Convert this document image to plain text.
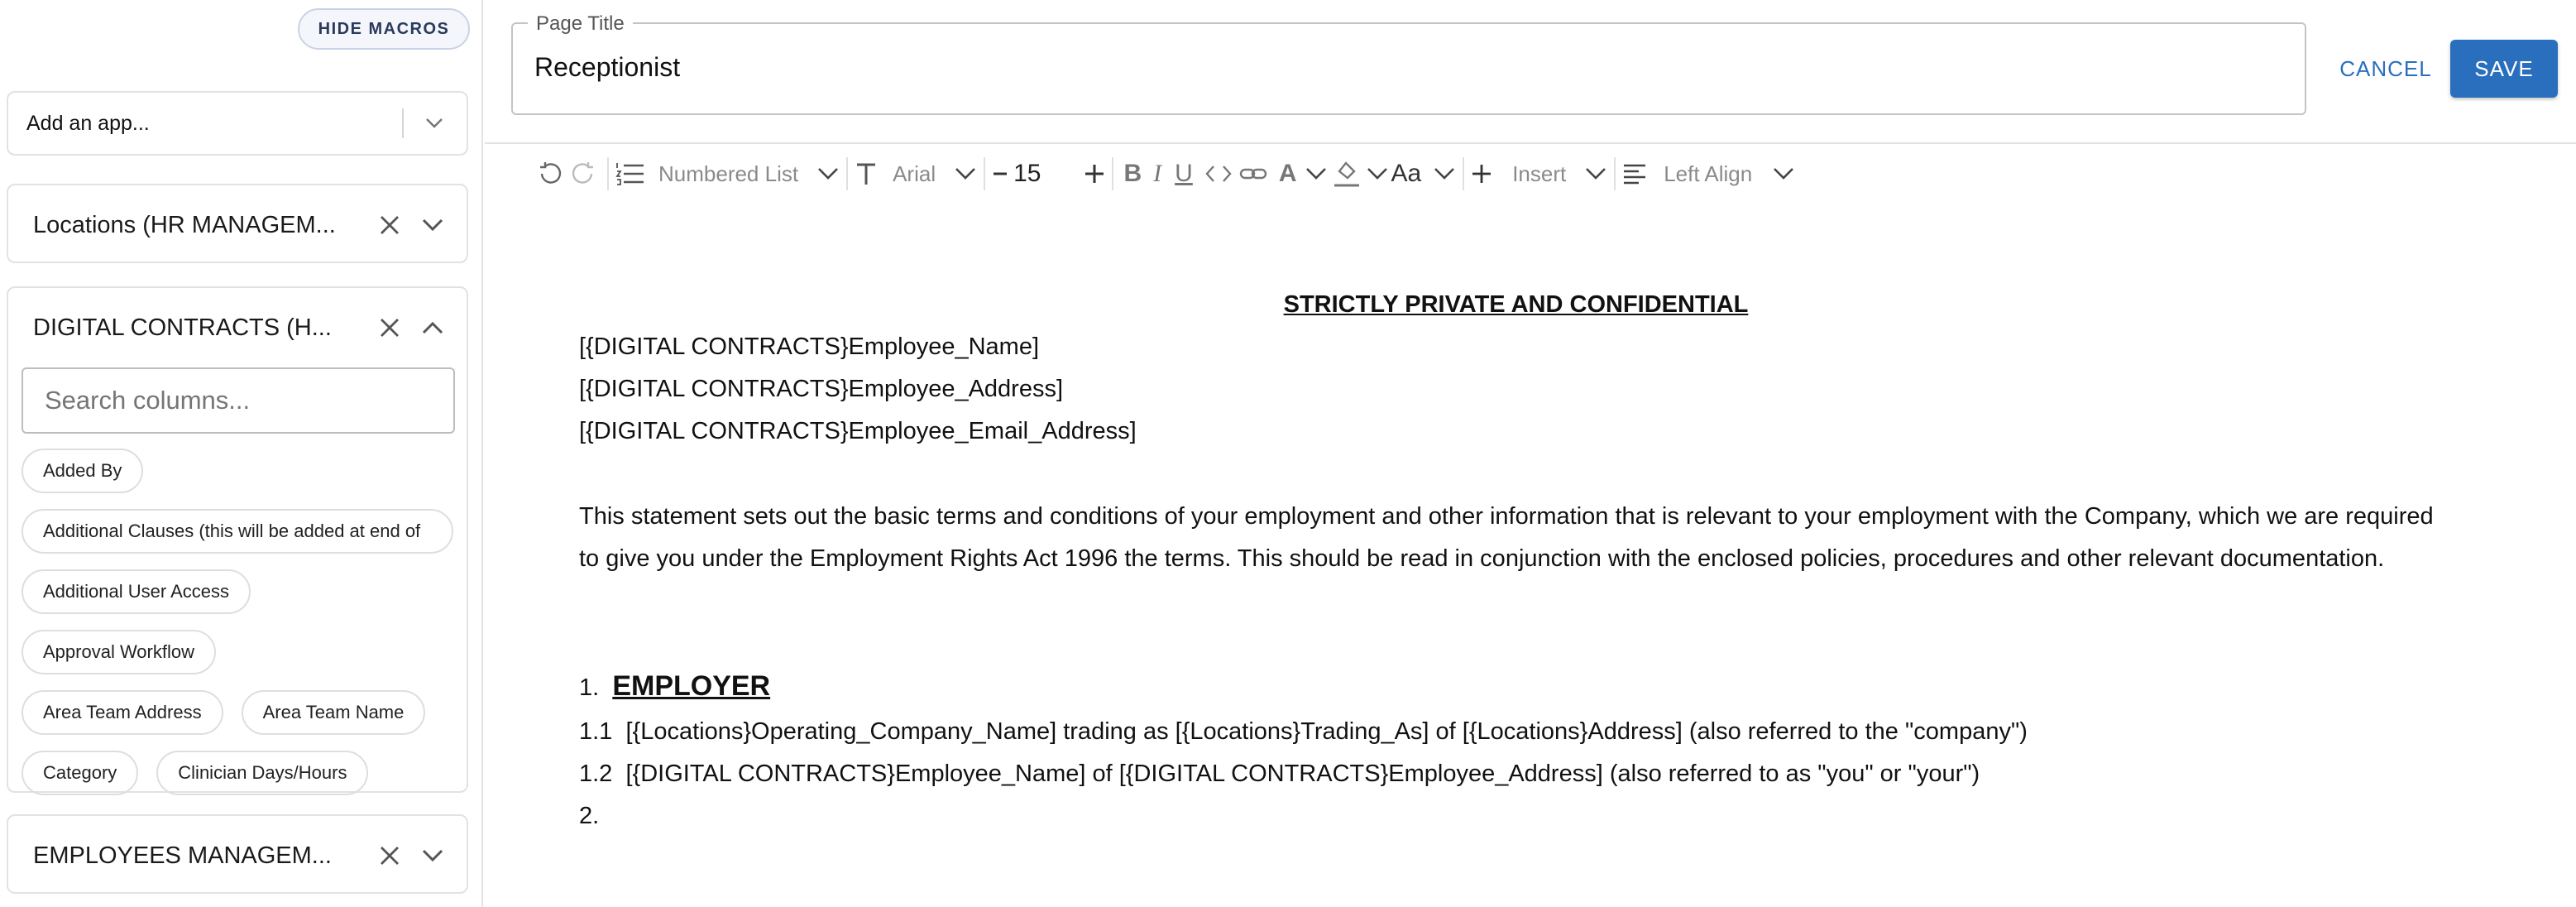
HIDE MACROS
Add an app...
Locations (HR MANAGEM...
DIGITAL CONTRACTS (H...
Search columns...
Added By
Additional Clauses (this will be added at end of
Additional User Access
Approval Workflow
Area Team Address	Area Team Name
Category	Clinician Days/Hours
EMPLOYEES MANAGEM...
Page Title
Receptionist	CANCEL	SAVE
Numbered List	Arial	15	B I U	A	Aa	Insert	Left Align
STRICTLY PRIVATE AND CONFIDENTIAL
[{DIGITAL CONTRACTS}Employee_Name]
[{DIGITAL CONTRACTS}Employee_Address]
[{DIGITAL CONTRACTS}Employee_Email_Address]
This statement sets out the basic terms and conditions of your employment and other information that is relevant to your employment with the Company, which we are required to give you under the Employment Rights Act 1996 the terms. This should be read in conjunction with the enclosed policies, procedures and other relevant documentation.
1. EMPLOYER
1.1 [{Locations}Operating_Company_Name] trading as [{Locations}Trading_As] of [{Locations}Address] (also referred to the "company")
1.2 [{DIGITAL CONTRACTS}Employee_Name] of [{DIGITAL CONTRACTS}Employee_Address] (also referred to as "you" or "your")
2.
